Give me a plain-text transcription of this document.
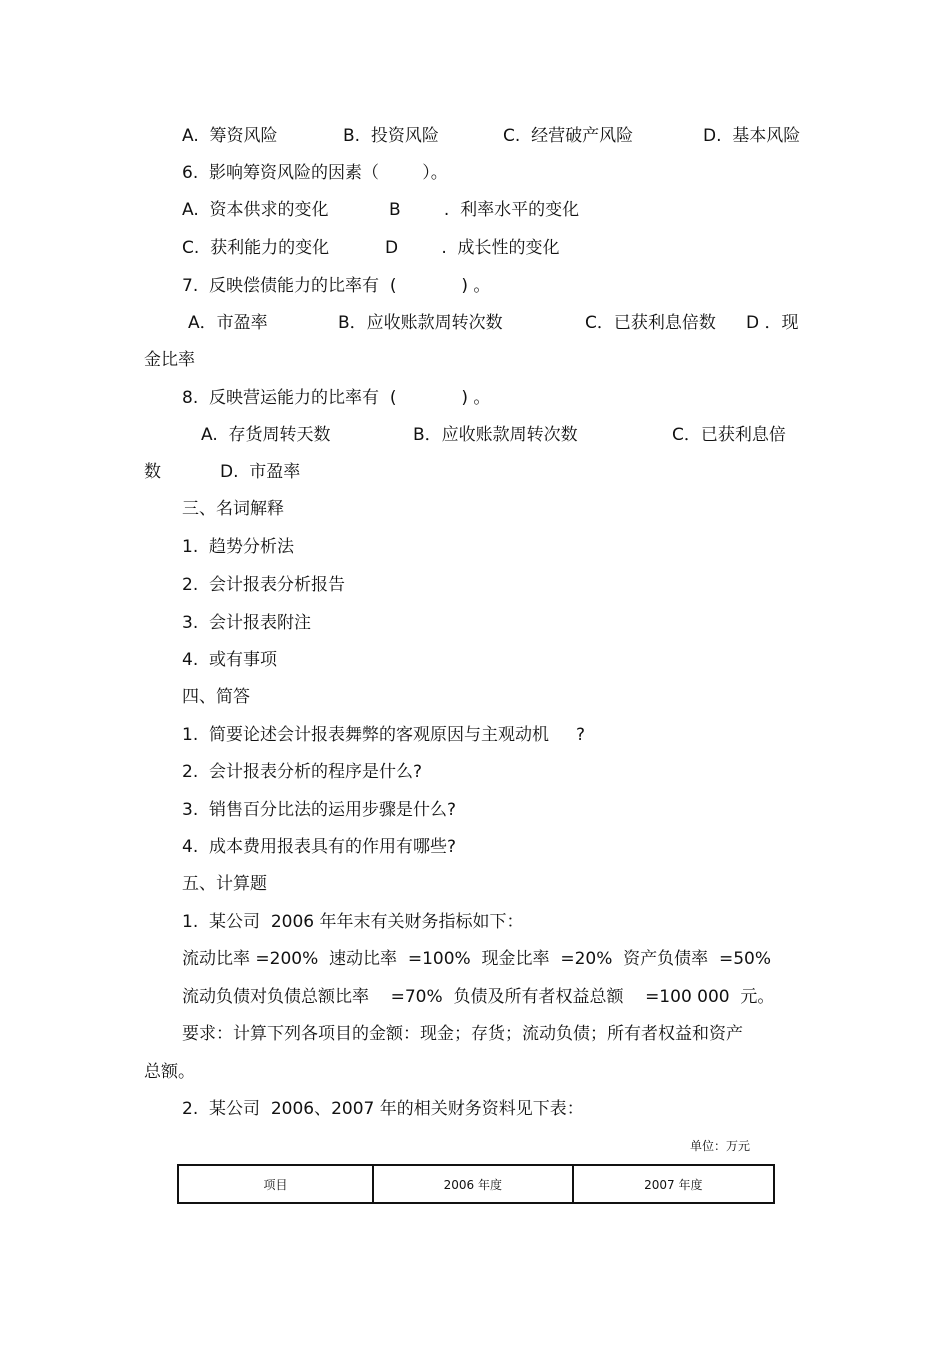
A.  筹资风险	B.  投资风险	C.  经营破产风险	D.  基本风险
6.  影响筹资风险的因素（        ）。
A.  资本供求的变化	B        .  利率水平的变化
C.  获利能力的变化	D        .  成长性的变化
7.  反映偿债能力的比率有  (            ) 。
A．市盈率	B．应收账款周转次数	C．已获利息倍数 D ．现
金比率
8.  反映营运能力的比率有  (            ) 。
A.  存货周转天数	B．应收账款周转次数	C．已获利息倍
数	D.  市盈率
三、名词解释
1.  趋势分析法
2.  会计报表分析报告
3.  会计报表附注
4.  或有事项
四、简答
1.  简要论述会计报表舞弊的客观原因与主观动机     ?
2.  会计报表分析的程序是什么?
3.  销售百分比法的运用步骤是什么?
4.  成本费用报表具有的作用有哪些?
五、计算题
1.  某公司  2006 年年末有关财务指标如下：
流动比率 =200%  速动比率  =100%  现金比率  =20%  资产负债率  =50%
流动负债对负债总额比率    =70%  负债及所有者权益总额    =100 000  元。
要求：计算下列各项目的金额：现金；存货；流动负债；所有者权益和资产
总额。
2.  某公司  2006、2007 年的相关财务资料见下表：
单位：万元
项目	2006 年度	2007 年度
